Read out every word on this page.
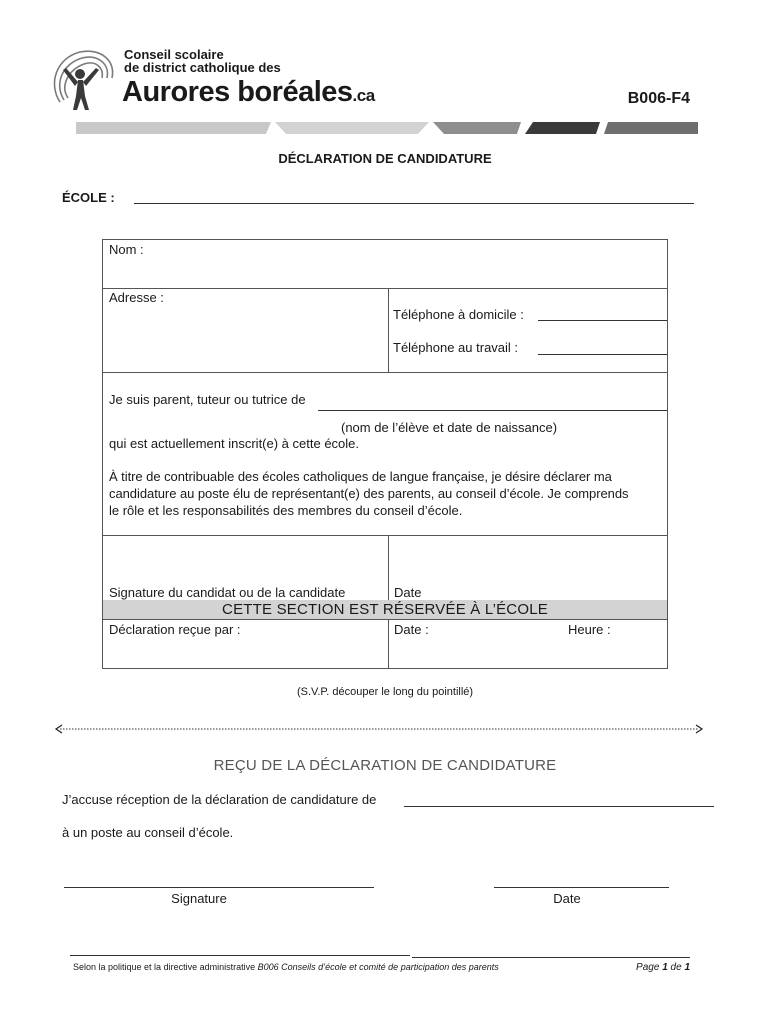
Conseil scolaire
de district catholique des
Aurores boréales.ca	B006-F4
DÉCLARATION DE CANDIDATURE
ÉCOLE :
Nom :
Adresse :
Téléphone à domicile :
Téléphone au travail :
Je suis parent, tuteur ou tutrice de
(nom de l’élève et date de naissance)
qui est actuellement inscrit(e) à cette école.
À titre de contribuable des écoles catholiques de langue française, je désire déclarer ma
candidature au poste élu de représentant(e) des parents, au conseil d’école. Je comprends
le rôle et les responsabilités des membres du conseil d’école.
Signature du candidat ou de la candidate	Date
CETTE SECTION EST RÉSERVÉE À L’ÉCOLE
Déclaration reçue par :	Date :	Heure :
(S.V.P. découper le long du pointillé)
REÇU DE LA DÉCLARATION DE CANDIDATURE
J’accuse réception de la déclaration de candidature de
à un poste au conseil d’école.
Signature	Date
Selon la politique et la directive administrative B006 Conseils d’école et comité de participation des parents	Page 1 de 1
